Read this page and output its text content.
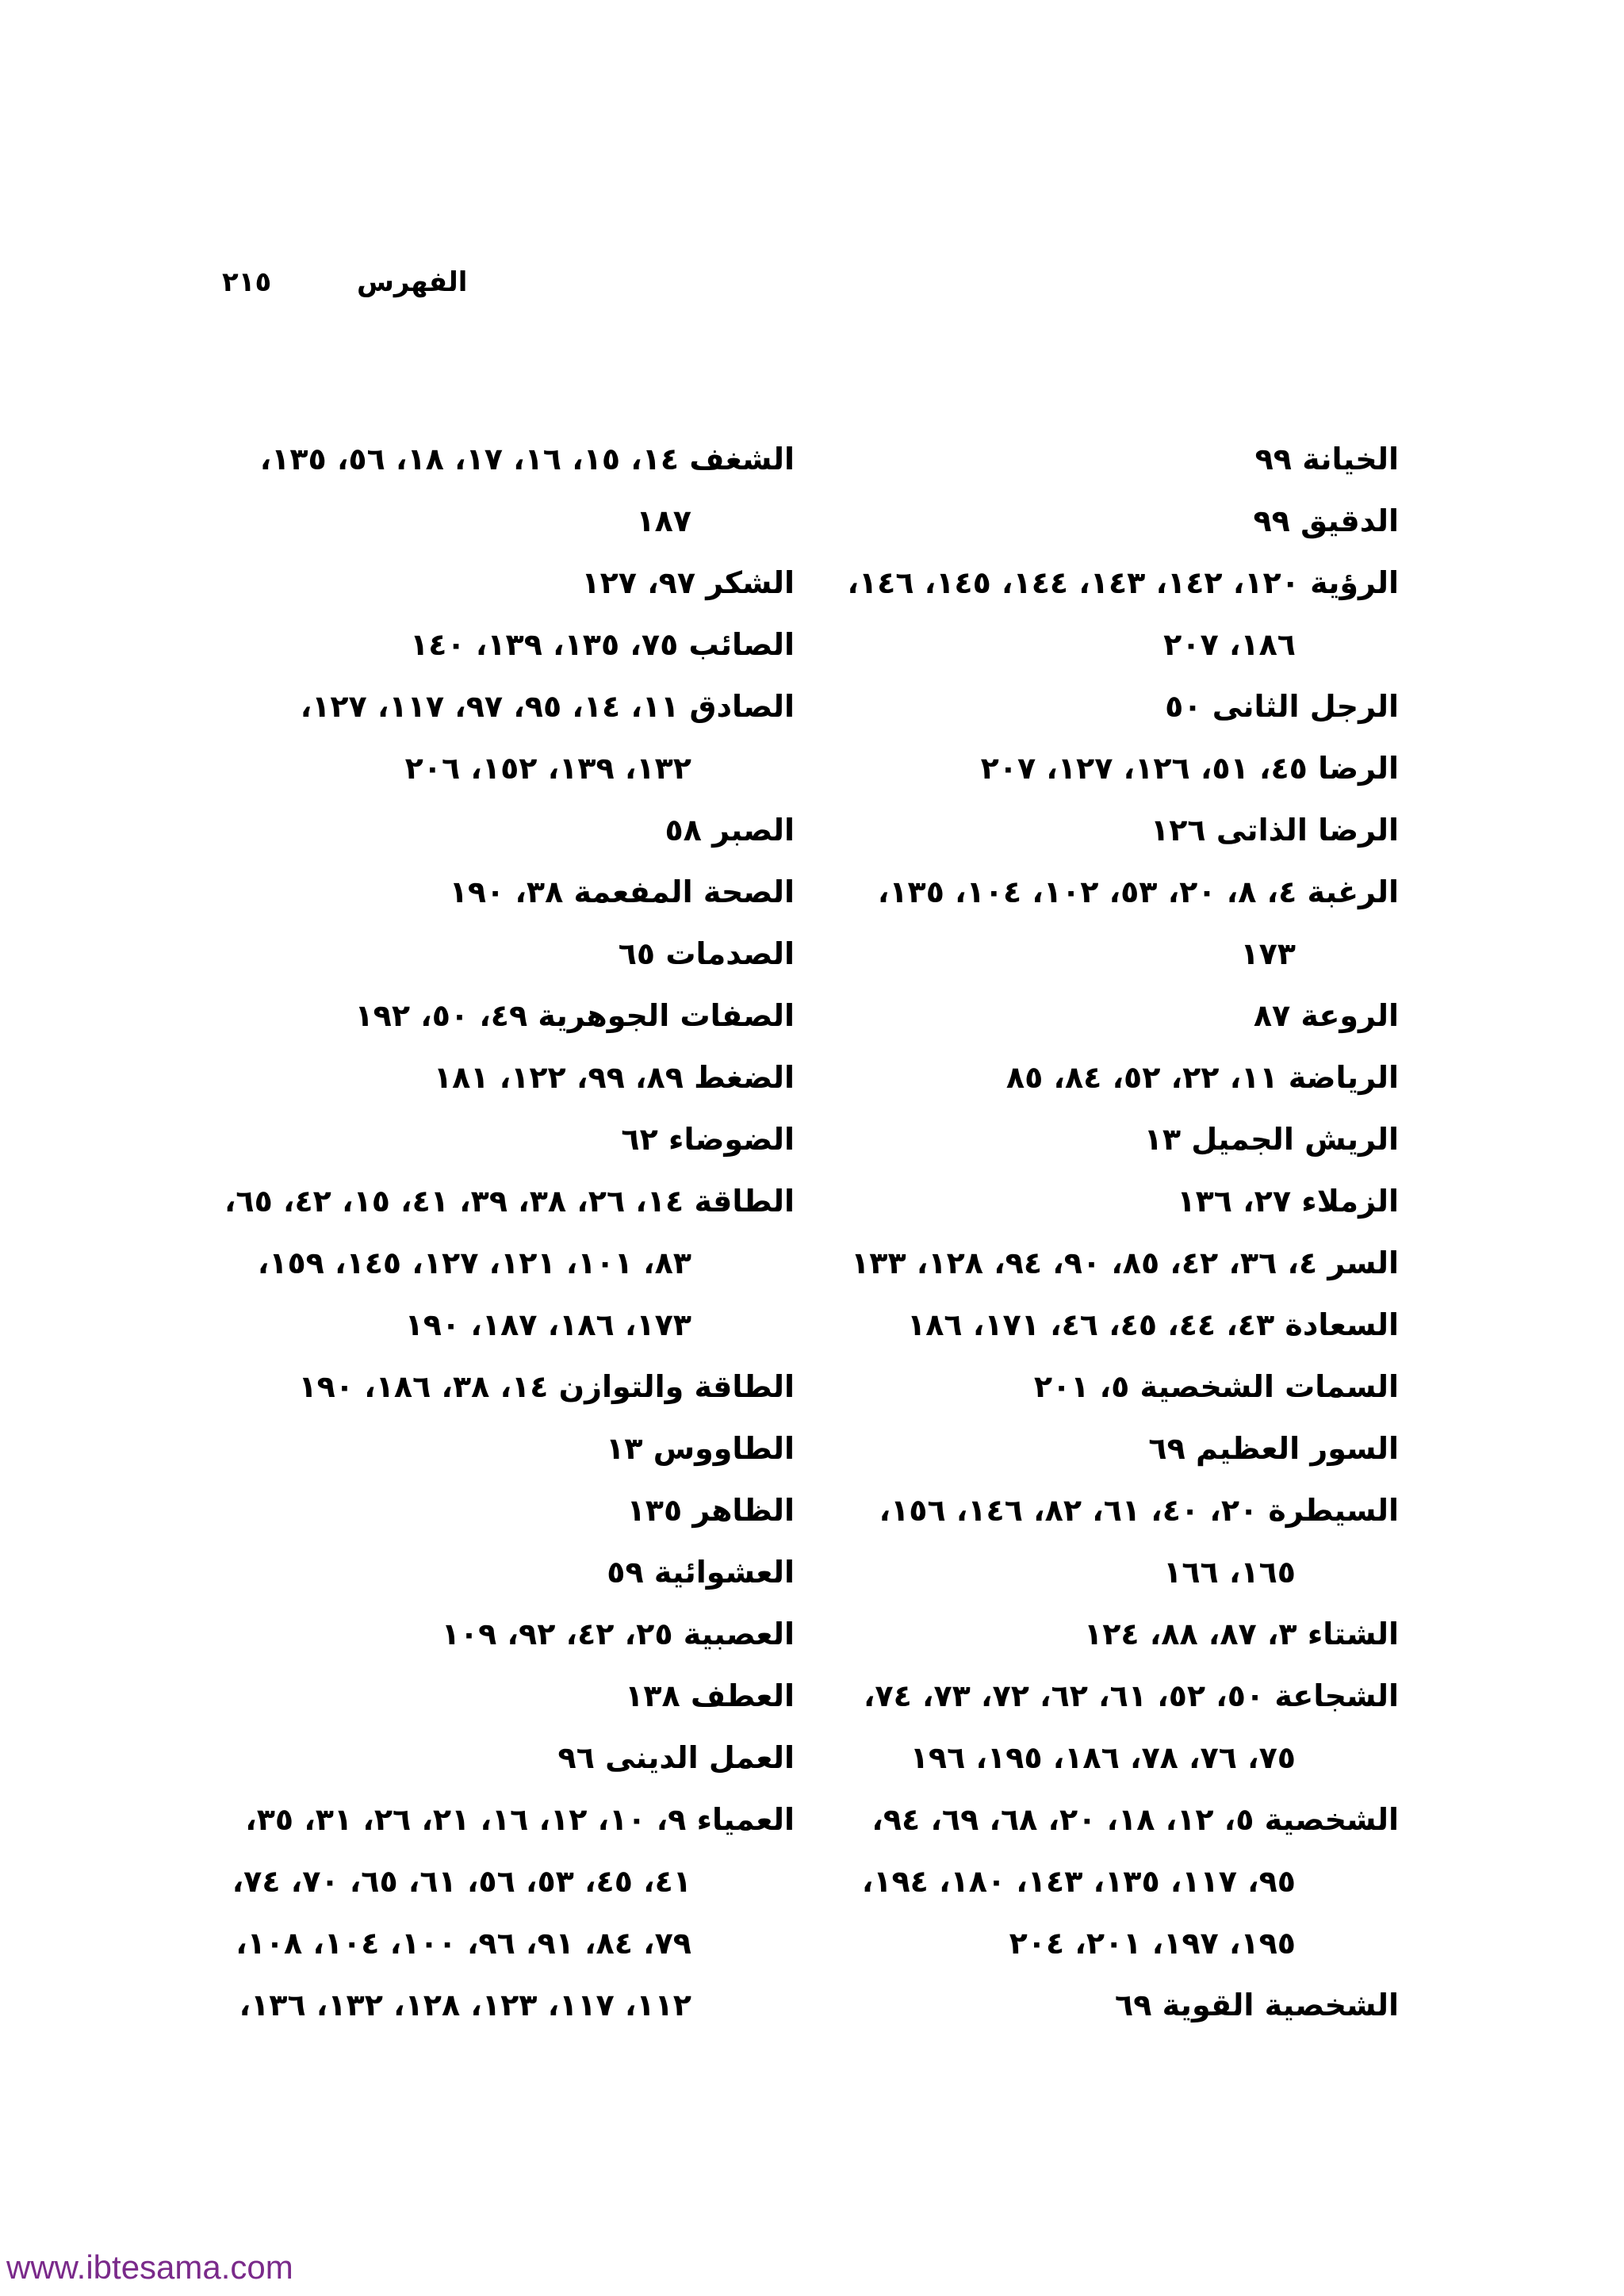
٢١٥	الفهرس
الخيانة ٩٩
الدقيق ٩٩
الرؤية ١٢٠، ١٤٢، ١٤٣، ١٤٤، ١٤٥، ١٤٦،
١٨٦، ٢٠٧
الرجل الثانى ٥٠
الرضا ٤٥، ٥١، ١٢٦، ١٢٧، ٢٠٧
الرضا الذاتى ١٢٦
الرغبة ٤، ٨، ٢٠، ٥٣، ١٠٢، ١٠٤، ١٣٥،
١٧٣
الروعة ٨٧
الرياضة ١١، ٢٢، ٥٢، ٨٤، ٨٥
الريش الجميل ١٣
الزملاء ٢٧، ١٣٦
السر ٤، ٣٦، ٤٢، ٨٥، ٩٠، ٩٤، ١٢٨، ١٣٣
السعادة ٤٣، ٤٤، ٤٥، ٤٦، ١٧١، ١٨٦
السمات الشخصية ٥، ٢٠١
السور العظيم ٦٩
السيطرة ٢٠، ٤٠، ٦١، ٨٢، ١٤٦، ١٥٦،
١٦٥، ١٦٦
الشتاء ٣، ٨٧، ٨٨، ١٢٤
الشجاعة ٥٠، ٥٢، ٦١، ٦٢، ٧٢، ٧٣، ٧٤،
٧٥، ٧٦، ٧٨، ١٨٦، ١٩٥، ١٩٦
الشخصية ٥، ١٢، ١٨، ٢٠، ٦٨، ٦٩، ٩٤،
٩٥، ١١٧، ١٣٥، ١٤٣، ١٨٠، ١٩٤،
١٩٥، ١٩٧، ٢٠١، ٢٠٤
الشخصية القوية ٦٩
الشغف ١٤، ١٥، ١٦، ١٧، ١٨، ٥٦، ١٣٥،
١٨٧
الشكر ٩٧، ١٢٧
الصائب ٧٥، ١٣٥، ١٣٩، ١٤٠
الصادق ١١، ١٤، ٩٥، ٩٧، ١١٧، ١٢٧،
١٣٢، ١٣٩، ١٥٢، ٢٠٦
الصبر ٥٨
الصحة المفعمة ٣٨، ١٩٠
الصدمات ٦٥
الصفات الجوهرية ٤٩، ٥٠، ١٩٢
الضغط ٨٩، ٩٩، ١٢٢، ١٨١
الضوضاء ٦٢
الطاقة ١٤، ٢٦، ٣٨، ٣٩، ٤١، ١٥، ٤٢، ٦٥،
٨٣، ١٠١، ١٢١، ١٢٧، ١٤٥، ١٥٩،
١٧٣، ١٨٦، ١٨٧، ١٩٠
الطاقة والتوازن ١٤، ٣٨، ١٨٦، ١٩٠
الطاووس ١٣
الظاهر ١٣٥
العشوائية ٥٩
العصبية ٢٥، ٤٢، ٩٢، ١٠٩
العطف ١٣٨
العمل الدينى ٩٦
العمياء ٩، ١٠، ١٢، ١٦، ٢١، ٢٦، ٣١، ٣٥،
٤١، ٤٥، ٥٣، ٥٦، ٦١، ٦٥، ٧٠، ٧٤،
٧٩، ٨٤، ٩١، ٩٦، ١٠٠، ١٠٤، ١٠٨،
١١٢، ١١٧، ١٢٣، ١٢٨، ١٣٢، ١٣٦،
www.ibtesama.com
